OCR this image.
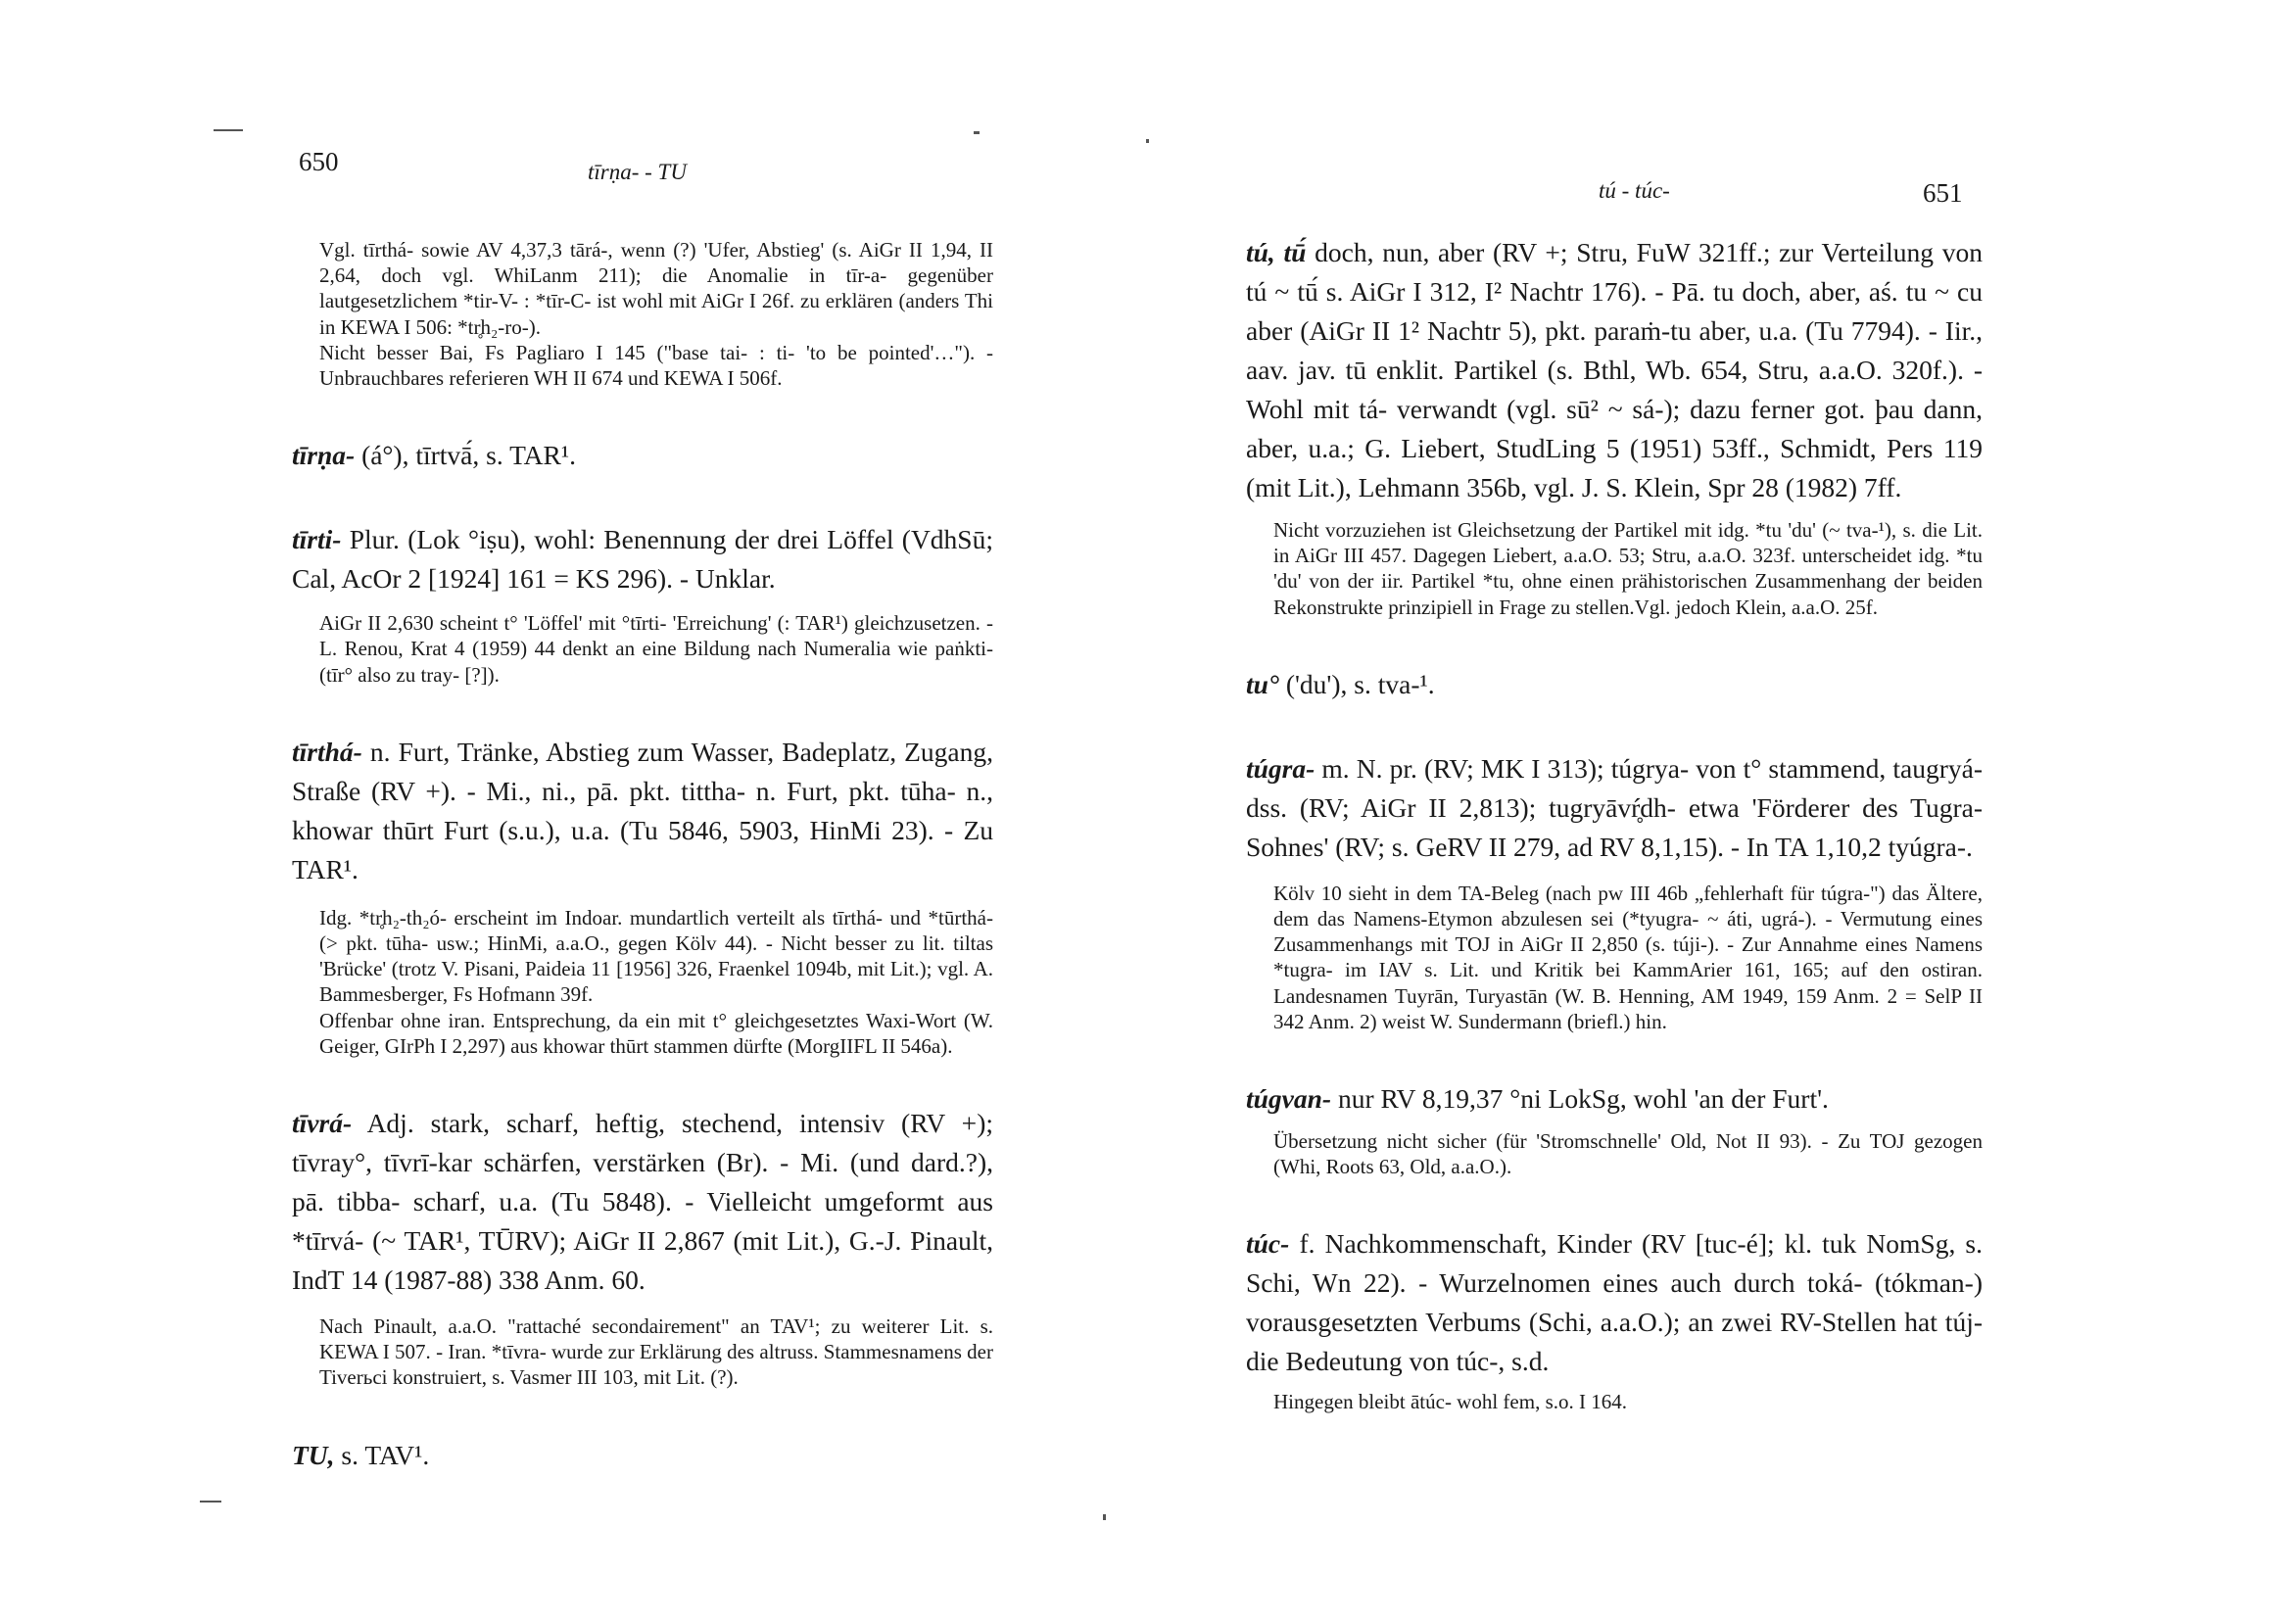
650	tīrṇa- - TU

Vgl. tīrthá- sowie AV 4,37,3 tārá-, wenn (?) 'Ufer, Abstieg' (s. AiGr II 1,94, II 2,64, doch vgl. WhiLanm 211); die Anomalie in tīr-a- gegenüber lautgesetzlichem *tir-V- : *tīr-C- ist wohl mit AiGr I 26f. zu erklären (anders Thi in KEWA I 506: *tr̥h₂-ro-).

Nicht besser Bai, Fs Pagliaro I 145 ("base tai- : ti- 'to be pointed'…"). - Unbrauchbares referieren WH II 674 und KEWA I 506f.

tīrṇa- (á°), tīrtvā́, s. TAR¹.

tīrti- Plur. (Lok °iṣu), wohl: Benennung der drei Löffel (VdhSū; Cal, AcOr 2 [1924] 161 = KS 296). - Unklar.

AiGr II 2,630 scheint t° 'Löffel' mit °tīrti- 'Erreichung' (: TAR¹) gleichzusetzen. - L. Renou, Krat 4 (1959) 44 denkt an eine Bildung nach Numeralia wie paṅkti- (tīr° also zu tray- [?]).

tīrthá- n. Furt, Tränke, Abstieg zum Wasser, Badeplatz, Zugang, Straße (RV +). - Mi., ni., pā. pkt. tittha- n. Furt, pkt. tūha- n., khowar thūrt Furt (s.u.), u.a. (Tu 5846, 5903, HinMi 23). - Zu TAR¹.

Idg. *tr̥h₂-th₂ó- erscheint im Indoar. mundartlich verteilt als tīrthá- und *tūrthá- (> pkt. tūha- usw.; HinMi, a.a.O., gegen Kölv 44). - Nicht besser zu lit. tiltas 'Brücke' (trotz V. Pisani, Paideia 11 [1956] 326, Fraenkel 1094b, mit Lit.); vgl. A. Bammesberger, Fs Hofmann 39f.

Offenbar ohne iran. Entsprechung, da ein mit t° gleichgesetztes Waxi-Wort (W. Geiger, GIrPh I 2,297) aus khowar thūrt stammen dürfte (MorgIIFL II 546a).

tīvrá- Adj. stark, scharf, heftig, stechend, intensiv (RV +); tīvray°, tīvrī-kar schärfen, verstärken (Br). - Mi. (und dard.?), pā. tibba- scharf, u.a. (Tu 5848). - Vielleicht umgeformt aus *tīrvá- (~ TAR¹, TŪRV); AiGr II 2,867 (mit Lit.), G.-J. Pinault, IndT 14 (1987-88) 338 Anm. 60.

Nach Pinault, a.a.O. "rattaché secondairement" an TAV¹; zu weiterer Lit. s. KEWA I 507. - Iran. *tīvra- wurde zur Erklärung des altruss. Stammesnamens der Tiverьci konstruiert, s. Vasmer III 103, mit Lit. (?).

TU, s. TAV¹.

tú - túc-	651

tú, tū́ doch, nun, aber (RV +; Stru, FuW 321ff.; zur Verteilung von tú ~ tū́ s. AiGr I 312, I² Nachtr 176). - Pā. tu doch, aber, aś. tu ~ cu aber (AiGr II 1² Nachtr 5), pkt. paraṁ-tu aber, u.a. (Tu 7794). - Iir., aav. jav. tū enklit. Partikel (s. Bthl, Wb. 654, Stru, a.a.O. 320f.). - Wohl mit tá- verwandt (vgl. sū² ~ sá-); dazu ferner got. þau dann, aber, u.a.; G. Liebert, StudLing 5 (1951) 53ff., Schmidt, Pers 119 (mit Lit.), Lehmann 356b, vgl. J. S. Klein, Spr 28 (1982) 7ff.

Nicht vorzuziehen ist Gleichsetzung der Partikel mit idg. *tu 'du' (~ tva-¹), s. die Lit. in AiGr III 457. Dagegen Liebert, a.a.O. 53; Stru, a.a.O. 323f. unterscheidet idg. *tu 'du' von der iir. Partikel *tu, ohne einen prähistorischen Zusammenhang der beiden Rekonstrukte prinzipiell in Frage zu stellen.Vgl. jedoch Klein, a.a.O. 25f.

tu° ('du'), s. tva-¹.

túgra- m. N. pr. (RV; MK I 313); túgrya- von t° stammend, taugryá- dss. (RV; AiGr II 2,813); tugryāvŕ̥dh- etwa 'Förderer des Tugra-Sohnes' (RV; s. GeRV II 279, ad RV 8,1,15). - In TA 1,10,2 tyúgra-.

Kölv 10 sieht in dem TA-Beleg (nach pw III 46b „fehlerhaft für túgra-") das Ältere, dem das Namens-Etymon abzulesen sei (*tyugra- ~ áti, ugrá-). - Vermutung eines Zusammenhangs mit TOJ in AiGr II 2,850 (s. túji-). - Zur Annahme eines Namens *tugra- im IAV s. Lit. und Kritik bei KammArier 161, 165; auf den ostiran. Landesnamen Tuyrān, Turyastān (W. B. Henning, AM 1949, 159 Anm. 2 = SelP II 342 Anm. 2) weist W. Sundermann (briefl.) hin.

túgvan- nur RV 8,19,37 °ni LokSg, wohl 'an der Furt'.

Übersetzung nicht sicher (für 'Stromschnelle' Old, Not II 93). - Zu TOJ gezogen (Whi, Roots 63, Old, a.a.O.).

túc- f. Nachkommenschaft, Kinder (RV [tuc-é]; kl. tuk NomSg, s. Schi, Wn 22). - Wurzelnomen eines auch durch toká- (tókman-) vorausgesetzten Verbums (Schi, a.a.O.); an zwei RV-Stellen hat túj- die Bedeutung von túc-, s.d.

Hingegen bleibt ātúc- wohl fem, s.o. I 164.
